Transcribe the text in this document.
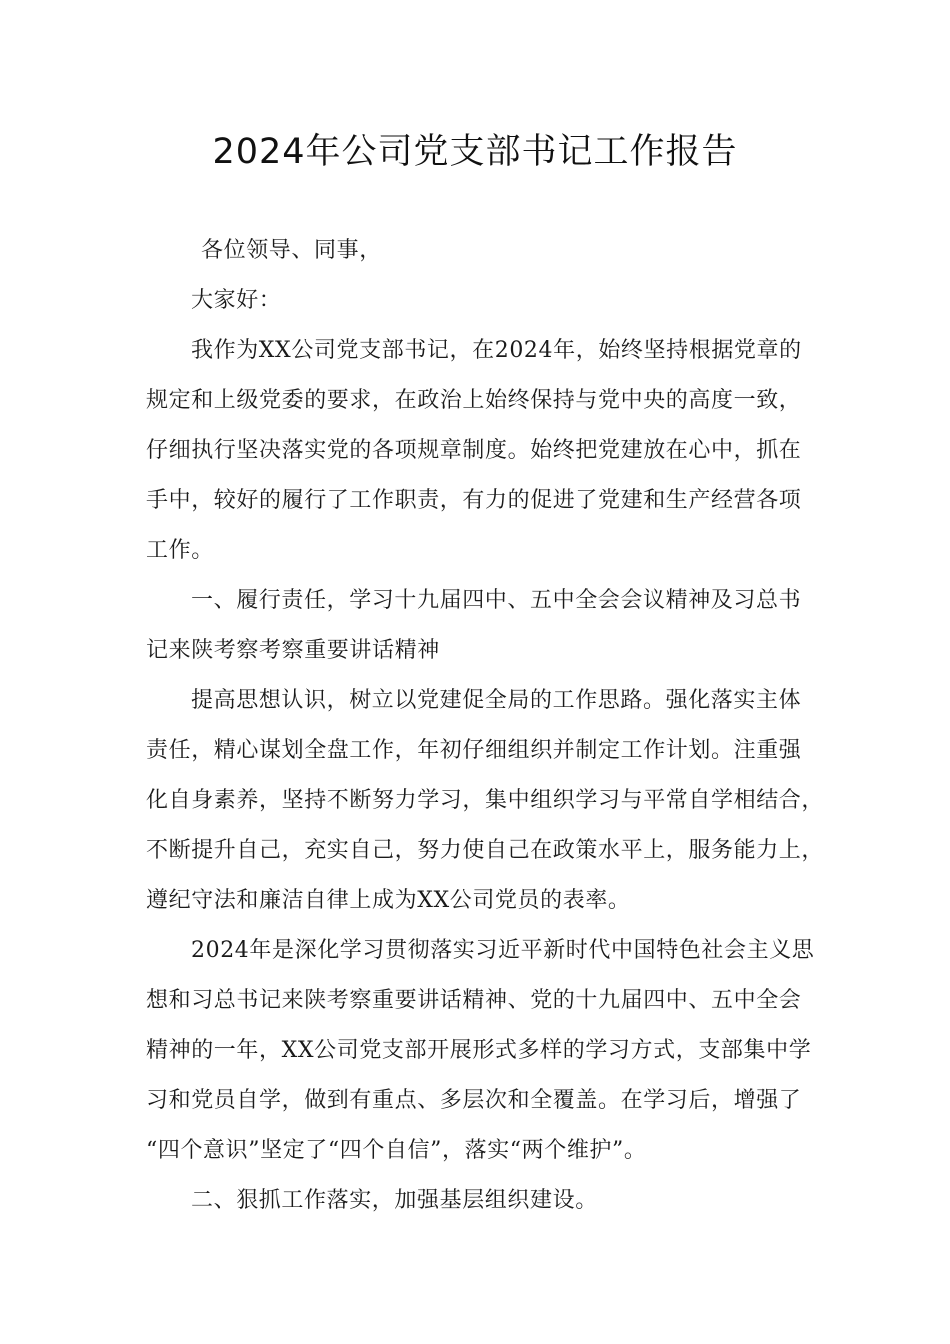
2024年公司党支部书记工作报告
各位领导、同事，
大家好：
我作为XX公司党支部书记，在2024年，始终坚持根据党章的
规定和上级党委的要求，在政治上始终保持与党中央的高度一致，
仔细执行坚决落实党的各项规章制度。始终把党建放在心中，抓在
手中，较好的履行了工作职责，有力的促进了党建和生产经营各项
工作。
一、履行责任，学习十九届四中、五中全会会议精神及习总书
记来陕考察考察重要讲话精神
提高思想认识，树立以党建促全局的工作思路。强化落实主体
责任，精心谋划全盘工作，年初仔细组织并制定工作计划。注重强
化自身素养，坚持不断努力学习，集中组织学习与平常自学相结合，
不断提升自己，充实自己，努力使自己在政策水平上，服务能力上，
遵纪守法和廉洁自律上成为XX公司党员的表率。
2024年是深化学习贯彻落实习近平新时代中国特色社会主义思
想和习总书记来陕考察重要讲话精神、党的十九届四中、五中全会
精神的一年，XX公司党支部开展形式多样的学习方式，支部集中学
习和党员自学，做到有重点、多层次和全覆盖。在学习后，增强了
“四个意识”坚定了“四个自信”，落实“两个维护”。
二、狠抓工作落实，加强基层组织建设。
